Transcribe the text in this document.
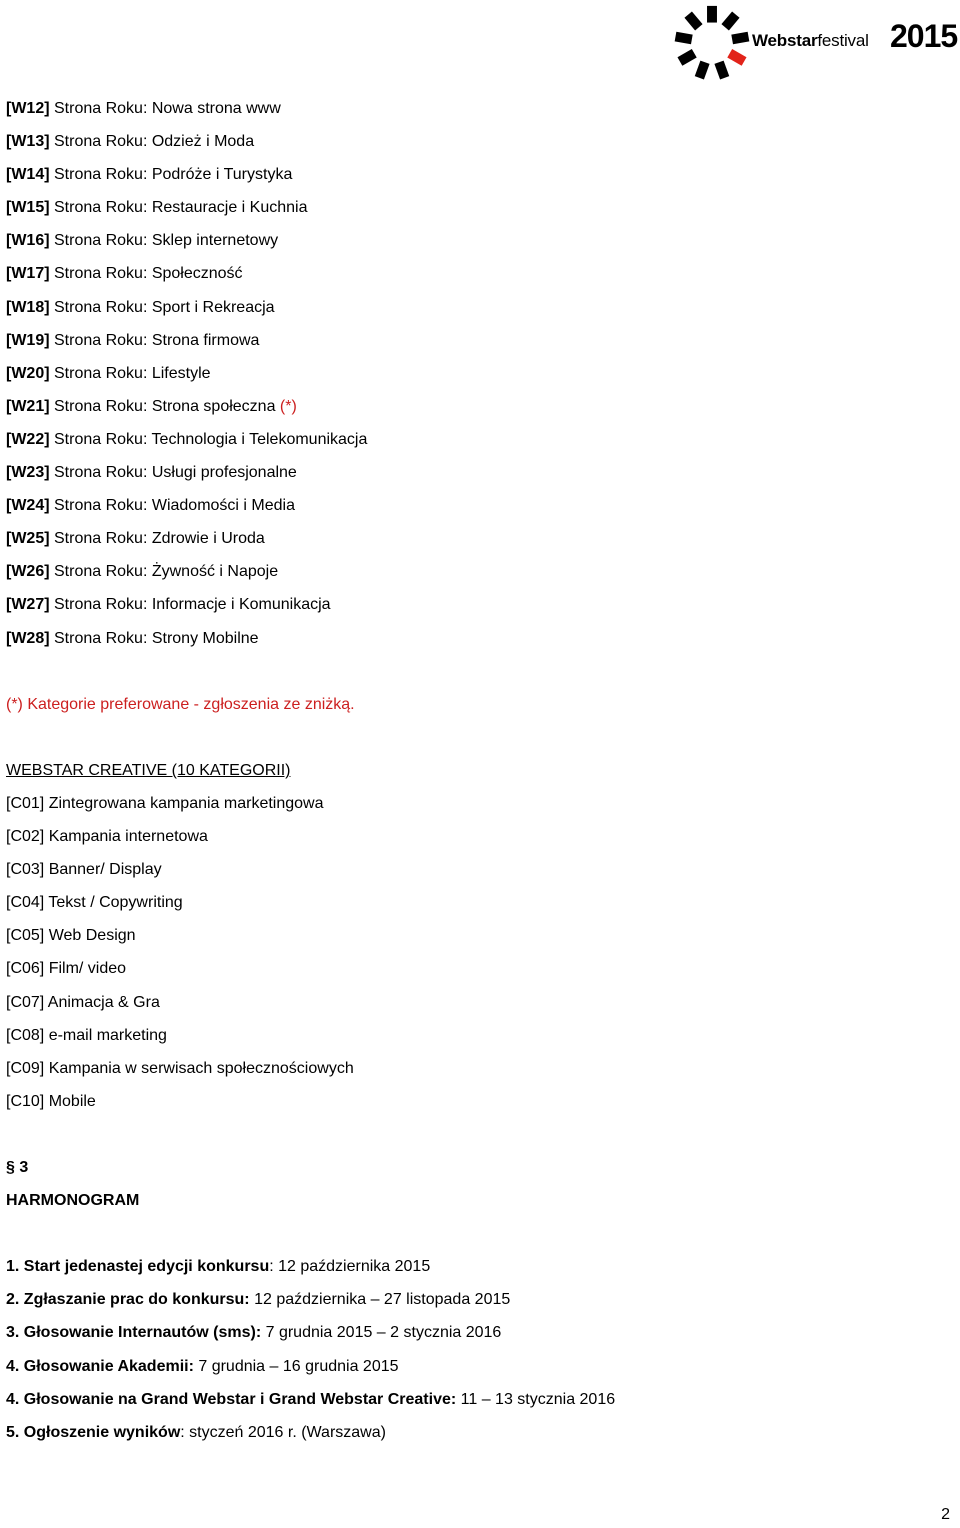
Webstarfestival 2015
[W12] Strona Roku: Nowa strona www
[W13] Strona Roku: Odzież i Moda
[W14] Strona Roku: Podróże i Turystyka
[W15] Strona Roku: Restauracje i Kuchnia
[W16] Strona Roku: Sklep internetowy
[W17] Strona Roku: Społeczność
[W18] Strona Roku: Sport i Rekreacja
[W19] Strona Roku: Strona firmowa
[W20] Strona Roku: Lifestyle
[W21] Strona Roku: Strona społeczna (*)
[W22] Strona Roku: Technologia i Telekomunikacja
[W23] Strona Roku: Usługi profesjonalne
[W24] Strona Roku: Wiadomości i Media
[W25] Strona Roku: Zdrowie i Uroda
[W26] Strona Roku: Żywność i Napoje
[W27] Strona Roku: Informacje i Komunikacja
[W28] Strona Roku: Strony Mobilne
(*) Kategorie preferowane - zgłoszenia ze zniżką.
WEBSTAR CREATIVE (10 KATEGORII)
[C01] Zintegrowana kampania marketingowa
[C02] Kampania internetowa
[C03] Banner/ Display
[C04] Tekst / Copywriting
[C05] Web Design
[C06] Film/ video
[C07] Animacja & Gra
[C08] e-mail marketing
[C09] Kampania w serwisach społecznościowych
[C10] Mobile
§ 3
HARMONOGRAM
1. Start jedenastej edycji konkursu: 12 października 2015
2. Zgłaszanie prac do konkursu: 12 października – 27 listopada 2015
3. Głosowanie Internautów (sms): 7 grudnia 2015 – 2 stycznia 2016
4. Głosowanie Akademii: 7 grudnia – 16 grudnia 2015
4. Głosowanie na Grand Webstar i Grand Webstar Creative: 11 – 13 stycznia 2016
5. Ogłoszenie wyników: styczeń 2016 r. (Warszawa)
2
